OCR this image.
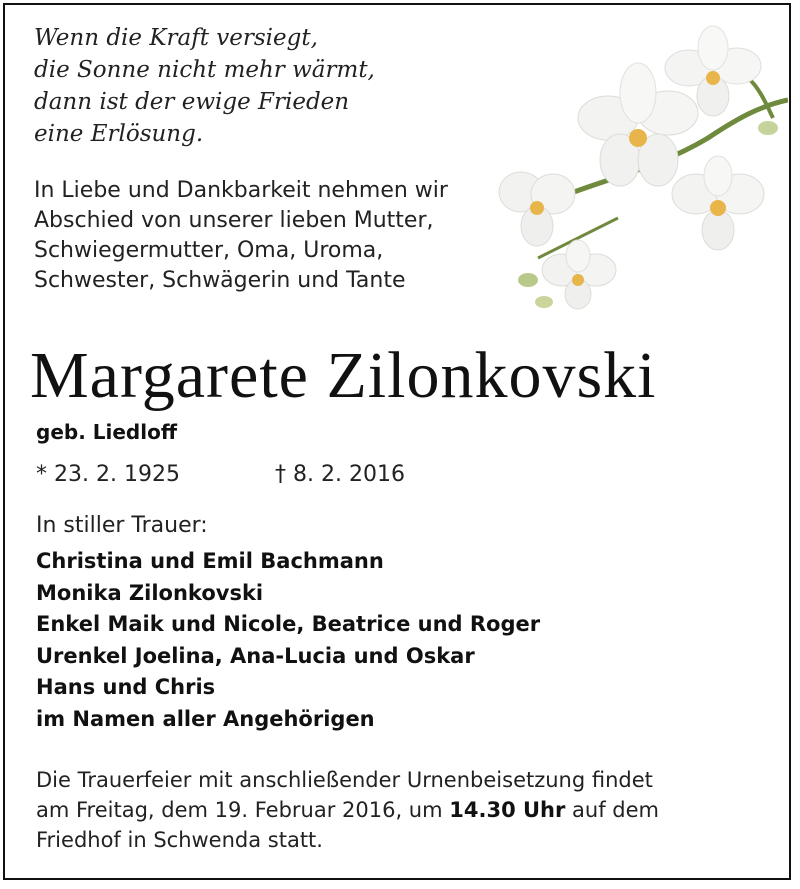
Wenn die Kraft versiegt,
die Sonne nicht mehr wärmt,
dann ist der ewige Frieden
eine Erlösung.
In Liebe und Dankbarkeit nehmen wir
Abschied von unserer lieben Mutter,
Schwiegermutter, Oma, Uroma,
Schwester, Schwägerin und Tante
Margarete Zilonkovski
geb. Liedloff
* 23. 2. 1925	† 8. 2. 2016
In stiller Trauer:
Christina und Emil Bachmann
Monika Zilonkovski
Enkel Maik und Nicole, Beatrice und Roger
Urenkel Joelina, Ana-Lucia und Oskar
Hans und Chris
im Namen aller Angehörigen
Die Trauerfeier mit anschließender Urnenbeisetzung findet
am Freitag, dem 19. Februar 2016, um 14.30 Uhr auf dem
Friedhof in Schwenda statt.
